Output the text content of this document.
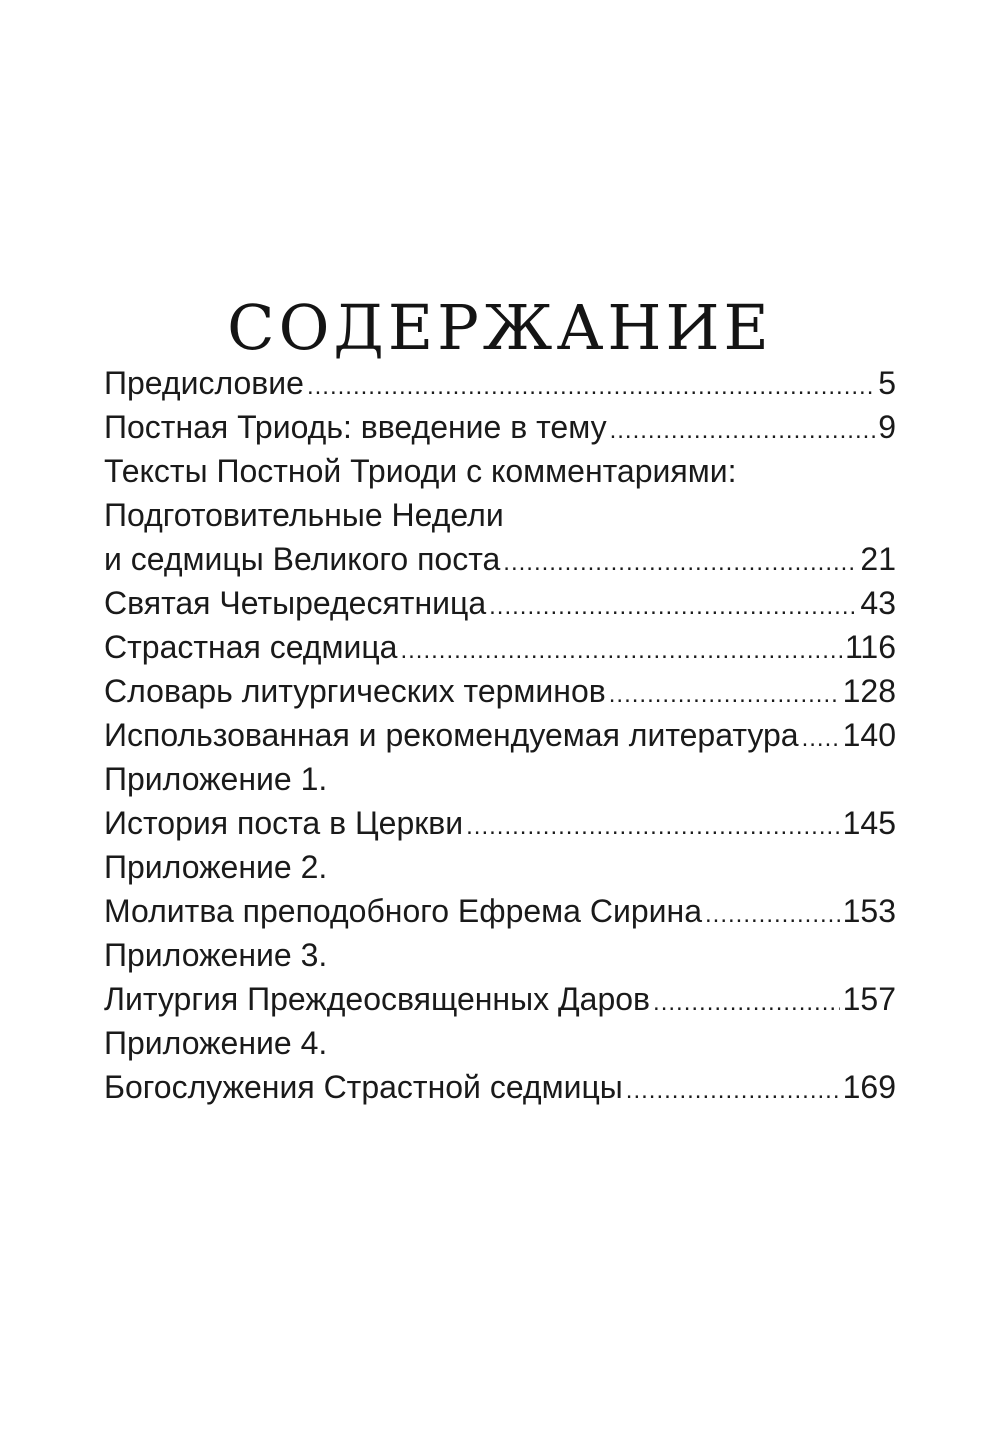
СОДЕРЖАНИЕ
Предисловие .....	5
Постная Триодь: введение в тему .....	9
Тексты Постной Триоди с комментариями:
Подготовительные Недели
и седмицы Великого поста .....	21
Святая Четыредесятница .....	43
Страстная седмица .....	116
Словарь литургических терминов .....	128
Использованная и рекомендуемая литература ..... 140
Приложение 1.
История поста в Церкви .....	145
Приложение 2.
Молитва преподобного Ефрема Сирина .....	153
Приложение 3.
Литургия Преждеосвященных Даров .....	157
Приложение 4.
Богослужения Страстной седмицы .....	169
